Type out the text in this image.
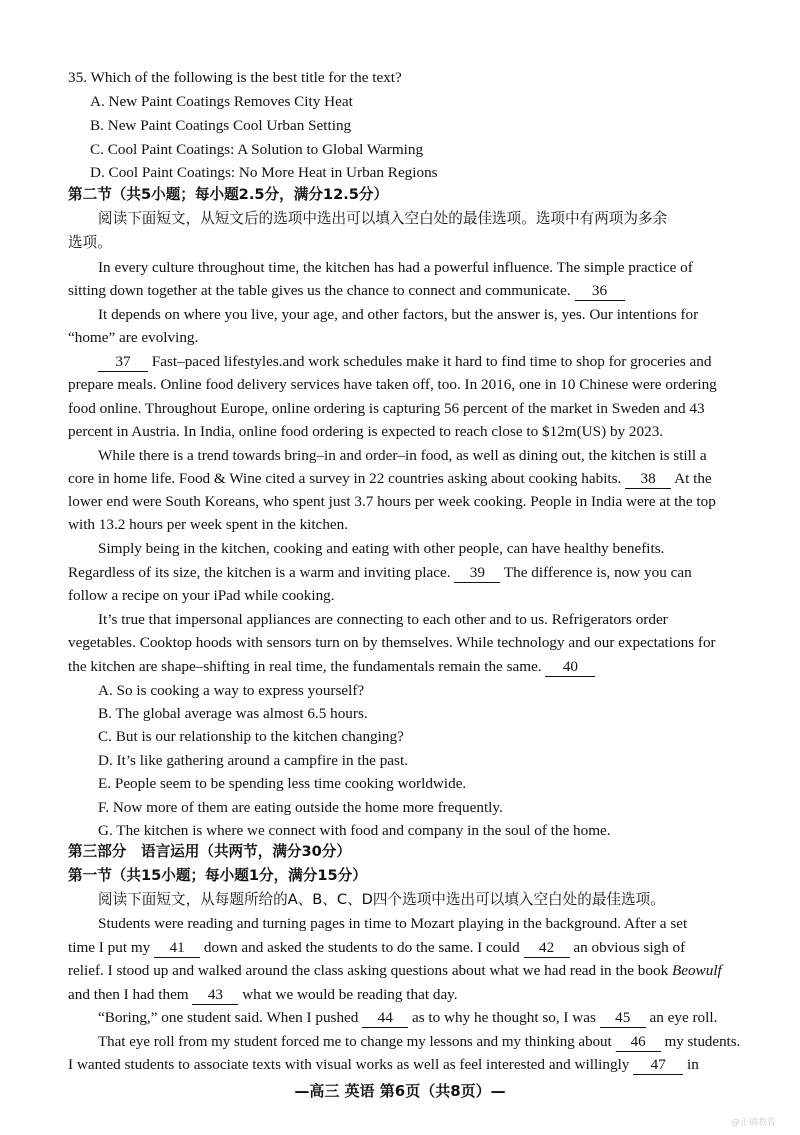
35. Which of the following is the best title for the text?
A. New Paint Coatings Removes City Heat
B. New Paint Coatings Cool Urban Setting
C. Cool Paint Coatings: A Solution to Global Warming
D. Cool Paint Coatings: No More Heat in Urban Regions
第二节（共5小题；每小题2.5分，满分12.5分）
阅读下面短文，从短文后的选项中选出可以填入空白处的最佳选项。选项中有两项为多余
选项。
In every culture throughout time, the kitchen has had a powerful influence. The simple practice of
sitting down together at the table gives us the chance to connect and communicate. 36
It depends on where you live, your age, and other factors, but the answer is, yes. Our intentions for
“home” are evolving.
37 Fast–paced lifestyles.and work schedules make it hard to find time to shop for groceries and
prepare meals. Online food delivery services have taken off, too. In 2016, one in 10 Chinese were ordering
food online. Throughout Europe, online ordering is capturing 56 percent of the market in Sweden and 43
percent in Austria. In India, online food ordering is expected to reach close to $12m(US) by 2023.
While there is a trend towards bring–in and order–in food, as well as dining out, the kitchen is still a
core in home life. Food & Wine cited a survey in 22 countries asking about cooking habits. 38 At the
lower end were South Koreans, who spent just 3.7 hours per week cooking. People in India were at the top
with 13.2 hours per week spent in the kitchen.
Simply being in the kitchen, cooking and eating with other people, can have healthy benefits.
Regardless of its size, the kitchen is a warm and inviting place. 39 The difference is, now you can
follow a recipe on your iPad while cooking.
It’s true that impersonal appliances are connecting to each other and to us. Refrigerators order
vegetables. Cooktop hoods with sensors turn on by themselves. While technology and our expectations for
the kitchen are shape–shifting in real time, the fundamentals remain the same. 40
A. So is cooking a way to express yourself?
B. The global average was almost 6.5 hours.
C. But is our relationship to the kitchen changing?
D. It’s like gathering around a campfire in the past.
E. People seem to be spending less time cooking worldwide.
F. Now more of them are eating outside the home more frequently.
G. The kitchen is where we connect with food and company in the soul of the home.
第三部分　语言运用（共两节，满分30分）
第一节（共15小题；每小题1分，满分15分）
阅读下面短文，从每题所给的A、B、C、D四个选项中选出可以填入空白处的最佳选项。
Students were reading and turning pages in time to Mozart playing in the background. After a set
time I put my 41 down and asked the students to do the same. I could 42 an obvious sigh of
relief. I stood up and walked around the class asking questions about what we had read in the book Beowulf
and then I had them 43 what we would be reading that day.
“Boring,” one student said. When I pushed 44 as to why he thought so, I was 45 an eye roll.
That eye roll from my student forced me to change my lessons and my thinking about 46 my students.
I wanted students to associate texts with visual works as well as feel interested and willingly 47 in
—高三 英语 第6页（共8页）—
@正确教育
